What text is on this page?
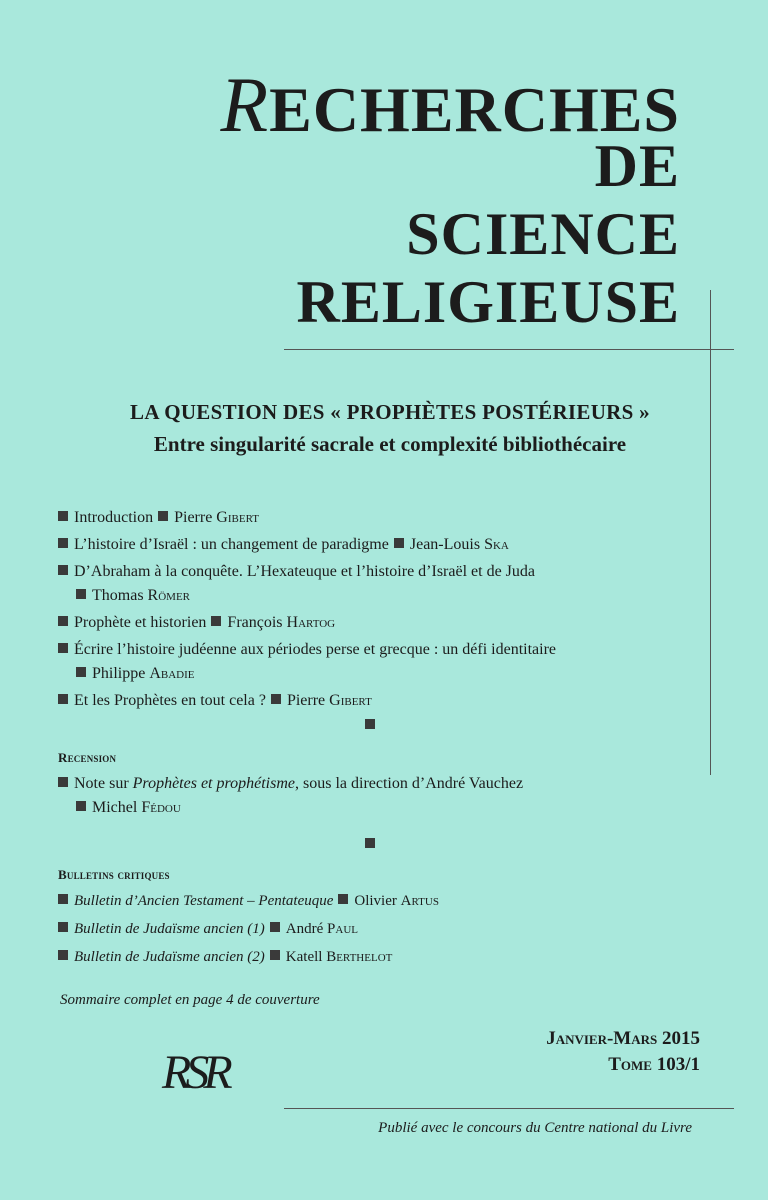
RECHERCHES
DE
SCIENCE
RELIGIEUSE
LA QUESTION DES « PROPHÈTES POSTÉRIEURS »
Entre singularité sacrale et complexité bibliothécaire
Introduction Pierre Gibert
L’histoire d’Israël : un changement de paradigme Jean-Louis Ska
D’Abraham à la conquête. L’Hexateuque et l’histoire d’Israël et de Juda
Thomas Römer
Prophète et historien François Hartog
Écrire l’histoire judéenne aux périodes perse et grecque : un défi identitaire
Philippe Abadie
Et les Prophètes en tout cela ? Pierre Gibert
Recension
Note sur Prophètes et prophétisme, sous la direction d’André Vauchez
Michel Fédou
Bulletins critiques
Bulletin d’Ancien Testament – Pentateuque Olivier Artus
Bulletin de Judaïsme ancien (1) André Paul
Bulletin de Judaïsme ancien (2) Katell Berthelot
Sommaire complet en page 4 de couverture
Janvier-Mars 2015
Tome 103/1
RSR
Publié avec le concours du Centre national du Livre
